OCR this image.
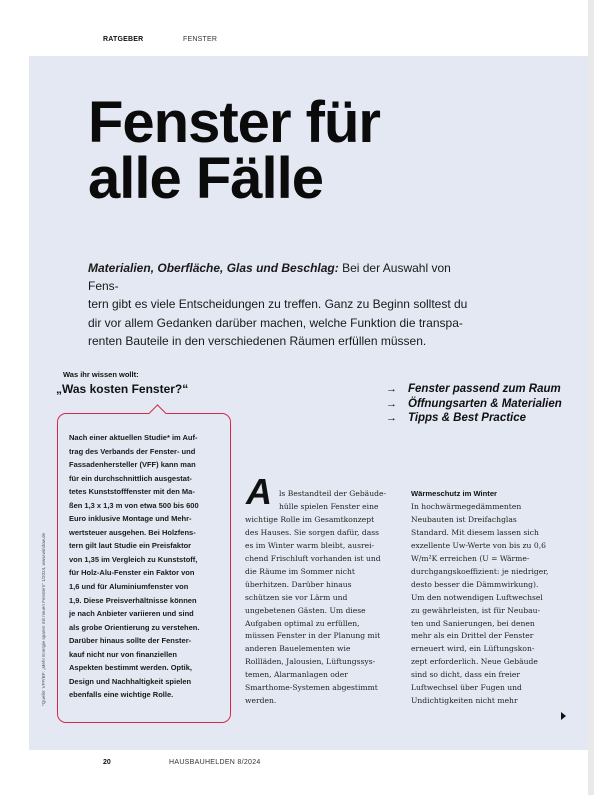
RATGEBER	FENSTER
Fenster für
alle Fälle
Materialien, Oberfläche, Glas und Beschlag: Bei der Auswahl von Fens-
tern gibt es viele Entscheidungen zu treffen. Ganz zu Beginn solltest du
dir vor allem Gedanken darüber machen, welche Funktion die transpa-
renten Bauteile in den verschiedenen Räumen erfüllen müssen.
Was ihr wissen wollt:
„Was kosten Fenster?“
Nach einer aktuellen Studie* im Auf-
trag des Verbands der Fenster- und
Fassadenhersteller (VFF) kann man
für ein durchschnittlich ausgestat-
tetes Kunststofffenster mit den Ma-
ßen 1,3 x 1,3 m von etwa 500 bis 600
Euro inklusive Montage und Mehr-
wertsteuer ausgehen. Bei Holzfens-
tern gilt laut Studie ein Preisfaktor
von 1,35 im Vergleich zu Kunststoff,
für Holz-Alu-Fenster ein Faktor von
1,6 und für Aluminiumfenster von
1,9. Diese Preisverhältnisse können
je nach Anbieter variieren und sind
als grobe Orientierung zu verstehen.
Darüber hinaus sollte der Fenster-
kauf nicht nur von finanziellen
Aspekten bestimmt werden. Optik,
Design und Nachhaltigkeit spielen
ebenfalls eine wichtige Rolle.
*Quelle: VFF/BF: „Mehr Energie sparen mit neuen Fenstern“ 1/2024, www.window.de
→ Fenster passend zum Raum
→ Öffnungsarten & Materialien
→ Tipps & Best Practice
A ls Bestandteil der Gebäude-
hülle spielen Fenster eine
wichtige Rolle im Gesamtkonzept
des Hauses. Sie sorgen dafür, dass
es im Winter warm bleibt, ausrei-
chend Frischluft vorhanden ist und
die Räume im Sommer nicht
überhitzen. Darüber hinaus
schützen sie vor Lärm und
ungebetenen Gästen. Um diese
Aufgaben optimal zu erfüllen,
müssen Fenster in der Planung mit
anderen Bauelementen wie
Rollläden, Jalousien, Lüftungssys-
temen, Alarmanlagen oder
Smarthome-Systemen abgestimmt
werden.
Wärmeschutz im Winter
In hochwärmegedämmenten
Neubauten ist Dreifachglas
Standard. Mit diesem lassen sich
exzellente Uw-Werte von bis zu 0,6
W/m²K erreichen (U = Wärme-
durchgangskoeffizient: je niedriger,
desto besser die Dämmwirkung).
Um den notwendigen Luftwechsel
zu gewährleisten, ist für Neubau-
ten und Sanierungen, bei denen
mehr als ein Drittel der Fenster
erneuert wird, ein Lüftungskon-
zept erforderlich. Neue Gebäude
sind so dicht, dass ein freier
Luftwechsel über Fugen und
Undichtigkeiten nicht mehr
20	HAUSBAUHELDEN 8/2024
